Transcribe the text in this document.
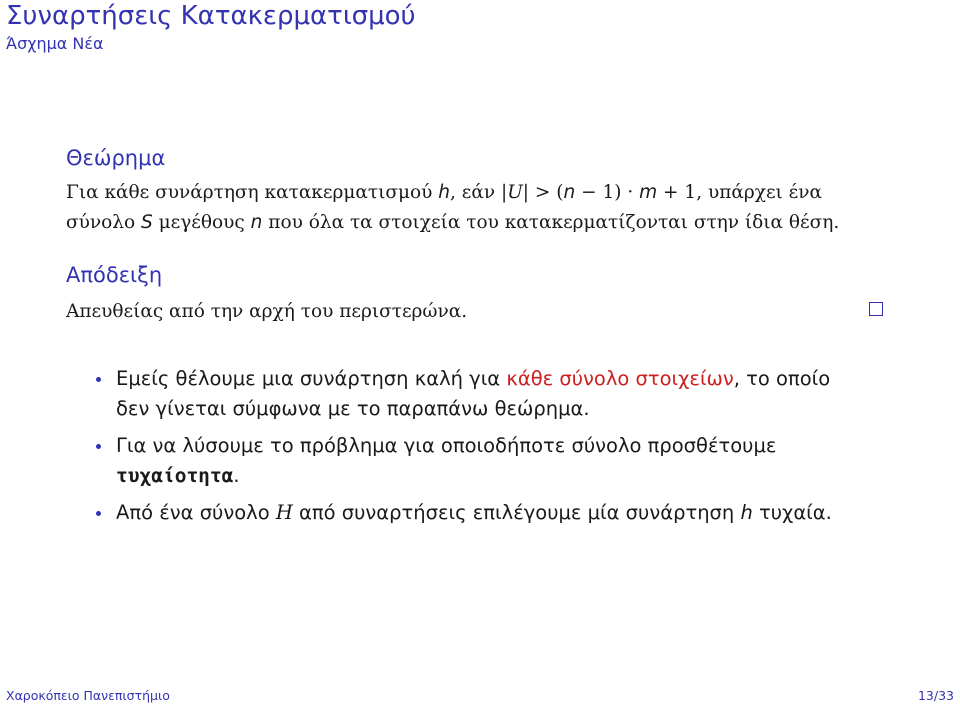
Συναρτήσεις Κατακερματισμού
Άσχημα Νέα
Θεώρημα
Για κάθε συνάρτηση κατακερματισμού h, εάν |U| > (n − 1) · m + 1, υπάρχει ένα
σύνολο S μεγέθους n που όλα τα στοιχεία του κατακερματίζονται στην ίδια θέση.
Απόδειξη
Απευθείας από την αρχή του περιστερώνα.
Εμείς θέλουμε μια συνάρτηση καλή για κάθε σύνολο στοιχείων, το οποίο δεν γίνεται σύμφωνα με το παραπάνω θεώρημα.
Για να λύσουμε το πρόβλημα για οποιοδήποτε σύνολο προσθέτουμε τυχαίοτητα.
Από ένα σύνολο H από συναρτήσεις επιλέγουμε μία συνάρτηση h τυχαία.
Χαροκόπειο Πανεπιστήμιο	13/33
